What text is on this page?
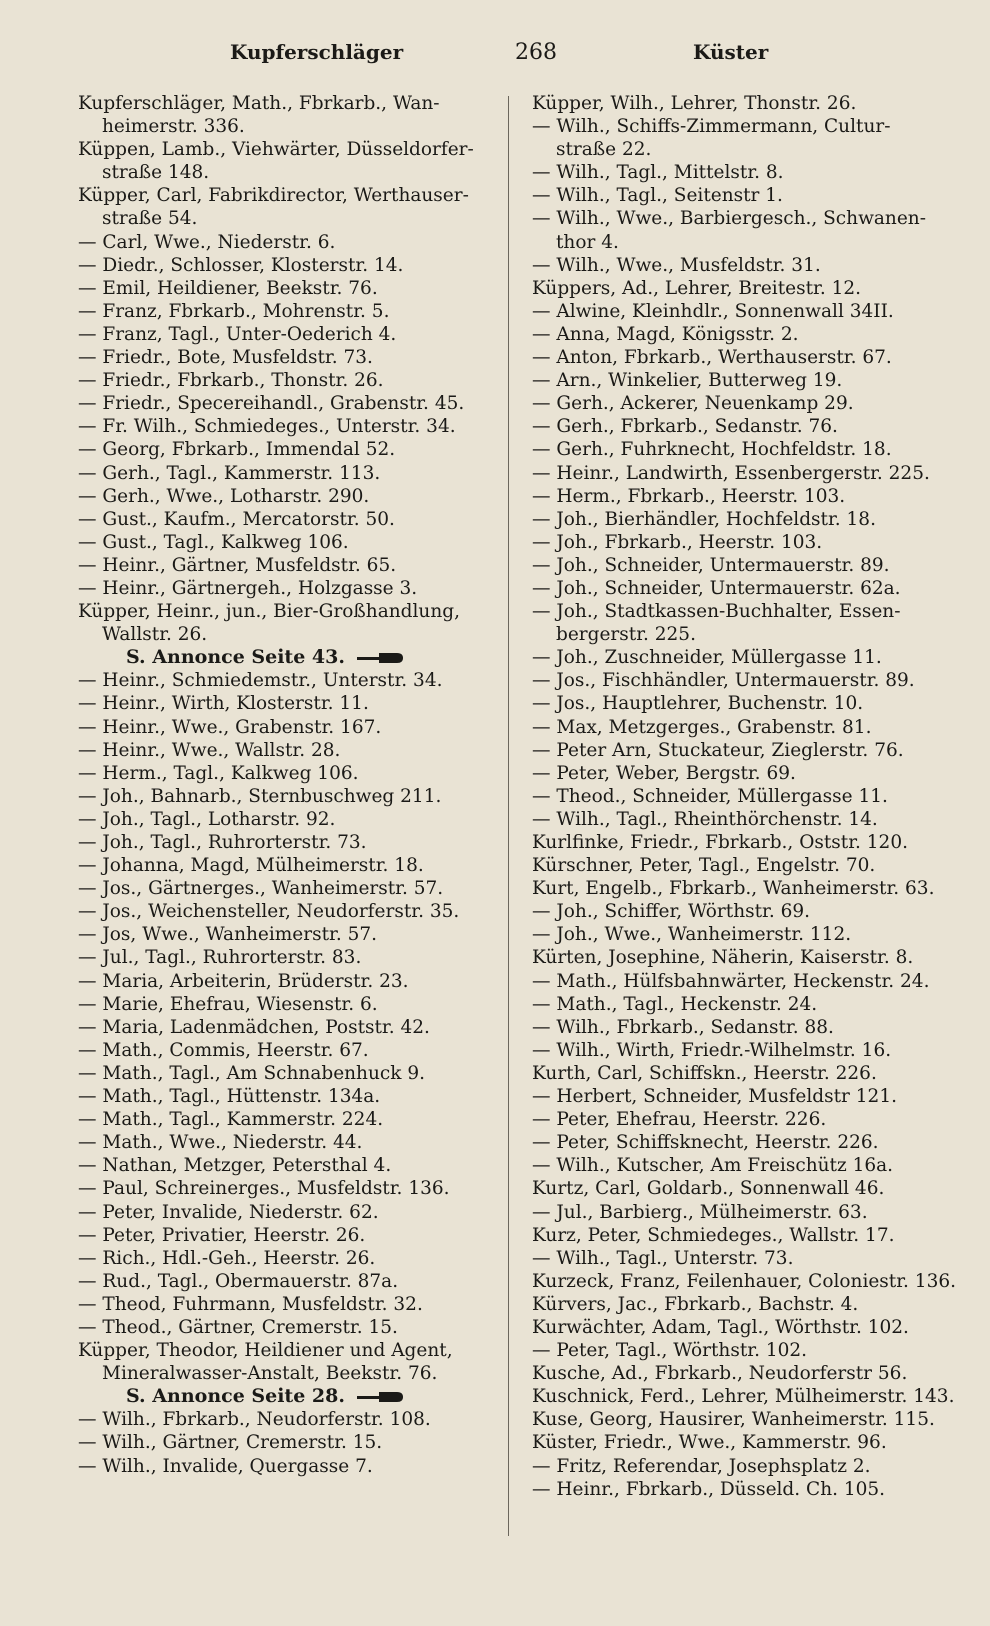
Kupferschläger	268	Küster
Kupferschläger, Math., Fbrkarb., Wan-
heimerstr. 336.
Küppen, Lamb., Viehwärter, Düsseldorfer-
straße 148.
Küpper, Carl, Fabrikdirector, Werthauser-
straße 54.
— Carl, Wwe., Niederstr. 6.
— Diedr., Schlosser, Klosterstr. 14.
— Emil, Heildiener, Beekstr. 76.
— Franz, Fbrkarb., Mohrenstr. 5.
— Franz, Tagl., Unter-Oederich 4.
— Friedr., Bote, Musfeldstr. 73.
— Friedr., Fbrkarb., Thonstr. 26.
— Friedr., Specereihandl., Grabenstr. 45.
— Fr. Wilh., Schmiedeges., Unterstr. 34.
— Georg, Fbrkarb., Immendal 52.
— Gerh., Tagl., Kammerstr. 113.
— Gerh., Wwe., Lotharstr. 290.
— Gust., Kaufm., Mercatorstr. 50.
— Gust., Tagl., Kalkweg 106.
— Heinr., Gärtner, Musfeldstr. 65.
— Heinr., Gärtnergeh., Holzgasse 3.
Küpper, Heinr., jun., Bier-Großhandlung,
Wallstr. 26.
S. Annonce Seite 43.
— Heinr., Schmiedemstr., Unterstr. 34.
— Heinr., Wirth, Klosterstr. 11.
— Heinr., Wwe., Grabenstr. 167.
— Heinr., Wwe., Wallstr. 28.
— Herm., Tagl., Kalkweg 106.
— Joh., Bahnarb., Sternbuschweg 211.
— Joh., Tagl., Lotharstr. 92.
— Joh., Tagl., Ruhrorterstr. 73.
— Johanna, Magd, Mülheimerstr. 18.
— Jos., Gärtnerges., Wanheimerstr. 57.
— Jos., Weichensteller, Neudorferstr. 35.
— Jos, Wwe., Wanheimerstr. 57.
— Jul., Tagl., Ruhrorterstr. 83.
— Maria, Arbeiterin, Brüderstr. 23.
— Marie, Ehefrau, Wiesenstr. 6.
— Maria, Ladenmädchen, Poststr. 42.
— Math., Commis, Heerstr. 67.
— Math., Tagl., Am Schnabenhuck 9.
— Math., Tagl., Hüttenstr. 134a.
— Math., Tagl., Kammerstr. 224.
— Math., Wwe., Niederstr. 44.
— Nathan, Metzger, Petersthal 4.
— Paul, Schreinerges., Musfeldstr. 136.
— Peter, Invalide, Niederstr. 62.
— Peter, Privatier, Heerstr. 26.
— Rich., Hdl.-Geh., Heerstr. 26.
— Rud., Tagl., Obermauerstr. 87a.
— Theod, Fuhrmann, Musfeldstr. 32.
— Theod., Gärtner, Cremerstr. 15.
Küpper, Theodor, Heildiener und Agent,
Mineralwasser-Anstalt, Beekstr. 76.
S. Annonce Seite 28.
— Wilh., Fbrkarb., Neudorferstr. 108.
— Wilh., Gärtner, Cremerstr. 15.
— Wilh., Invalide, Quergasse 7.
Küpper, Wilh., Lehrer, Thonstr. 26.
— Wilh., Schiffs-Zimmermann, Cultur-
straße 22.
— Wilh., Tagl., Mittelstr. 8.
— Wilh., Tagl., Seitenstr 1.
— Wilh., Wwe., Barbiergesch., Schwanen-
thor 4.
— Wilh., Wwe., Musfeldstr. 31.
Küppers, Ad., Lehrer, Breitestr. 12.
— Alwine, Kleinhdlr., Sonnenwall 34II.
— Anna, Magd, Königsstr. 2.
— Anton, Fbrkarb., Werthauserstr. 67.
— Arn., Winkelier, Butterweg 19.
— Gerh., Ackerer, Neuenkamp 29.
— Gerh., Fbrkarb., Sedanstr. 76.
— Gerh., Fuhrknecht, Hochfeldstr. 18.
— Heinr., Landwirth, Essenbergerstr. 225.
— Herm., Fbrkarb., Heerstr. 103.
— Joh., Bierhändler, Hochfeldstr. 18.
— Joh., Fbrkarb., Heerstr. 103.
— Joh., Schneider, Untermauerstr. 89.
— Joh., Schneider, Untermauerstr. 62a.
— Joh., Stadtkassen-Buchhalter, Essen-
bergerstr. 225.
— Joh., Zuschneider, Müllergasse 11.
— Jos., Fischhändler, Untermauerstr. 89.
— Jos., Hauptlehrer, Buchenstr. 10.
— Max, Metzgerges., Grabenstr. 81.
— Peter Arn, Stuckateur, Zieglerstr. 76.
— Peter, Weber, Bergstr. 69.
— Theod., Schneider, Müllergasse 11.
— Wilh., Tagl., Rheinthörchenstr. 14.
Kurlfinke, Friedr., Fbrkarb., Oststr. 120.
Kürschner, Peter, Tagl., Engelstr. 70.
Kurt, Engelb., Fbrkarb., Wanheimerstr. 63.
— Joh., Schiffer, Wörthstr. 69.
— Joh., Wwe., Wanheimerstr. 112.
Kürten, Josephine, Näherin, Kaiserstr. 8.
— Math., Hülfsbahnwärter, Heckenstr. 24.
— Math., Tagl., Heckenstr. 24.
— Wilh., Fbrkarb., Sedanstr. 88.
— Wilh., Wirth, Friedr.-Wilhelmstr. 16.
Kurth, Carl, Schiffskn., Heerstr. 226.
— Herbert, Schneider, Musfeldstr 121.
— Peter, Ehefrau, Heerstr. 226.
— Peter, Schiffsknecht, Heerstr. 226.
— Wilh., Kutscher, Am Freischütz 16a.
Kurtz, Carl, Goldarb., Sonnenwall 46.
— Jul., Barbierg., Mülheimerstr. 63.
Kurz, Peter, Schmiedeges., Wallstr. 17.
— Wilh., Tagl., Unterstr. 73.
Kurzeck, Franz, Feilenhauer, Coloniestr. 136.
Kürvers, Jac., Fbrkarb., Bachstr. 4.
Kurwächter, Adam, Tagl., Wörthstr. 102.
— Peter, Tagl., Wörthstr. 102.
Kusche, Ad., Fbrkarb., Neudorferstr 56.
Kuschnick, Ferd., Lehrer, Mülheimerstr. 143.
Kuse, Georg, Hausirer, Wanheimerstr. 115.
Küster, Friedr., Wwe., Kammerstr. 96.
— Fritz, Referendar, Josephsplatz 2.
— Heinr., Fbrkarb., Düsseld. Ch. 105.
